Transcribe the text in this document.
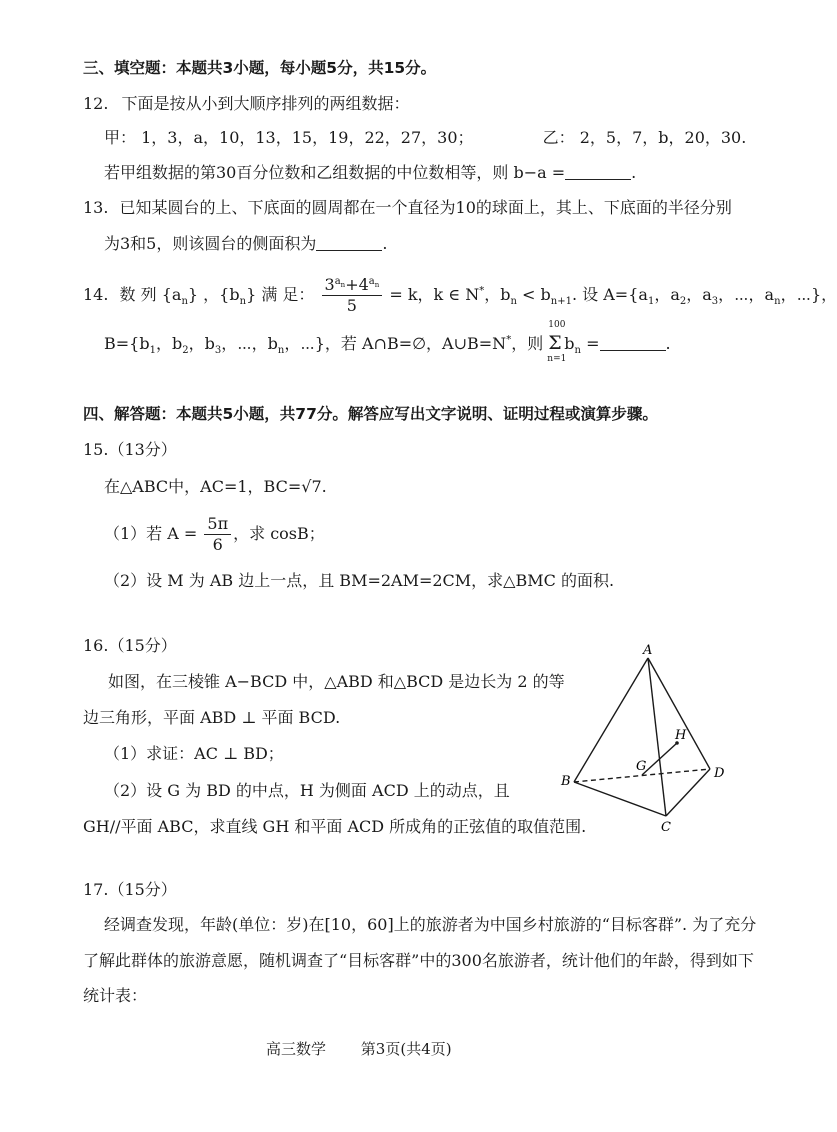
三、填空题：本题共3小题，每小题5分，共15分。
12. 下面是按从小到大顺序排列的两组数据：
甲： 1，3，a，10，13，15，19，22，27，30；	乙： 2，5，7，b，20，30.
若甲组数据的第30百分位数和乙组数据的中位数相等，则 b−a =	.
13. 已知某圆台的上、下底面的圆周都在一个直径为10的球面上，其上、下底面的半径分别
为3和5，则该圆台的侧面积为	.
14. 数 列 $\{a_n\}$ ，$\{b_n\}$ 满 足： $\frac{3^{a_n}+4^{a_n}}{5} = k$，k ∈ N*，$b_n < b_{n+1}$. 设 $A=\{a_1$，$a_2$，$a_3$，⋯，$a_n$，⋯}，
$B=\{b_1$，$b_2$，$b_3$，⋯，$b_n$，⋯}，若 A∩B=∅，A∪B=N*，则
100
Σ
n=1
$b_n$ =	.
四、解答题：本题共5小题，共77分。解答应写出文字说明、证明过程或演算步骤。
15.（13分）
在△ABC中，AC=1，BC=√7.
（1）若 $A = \frac{5\pi}{6}$ ，求 cosB；
（2）设 M 为 AB 边上一点，且 BM=2AM=2CM，求△BMC 的面积.
16.（15分）
如图，在三棱锥 A−BCD 中，△ABD 和△BCD 是边长为 2 的等
边三角形，平面 ABD ⊥ 平面 BCD.
（1）求证：AC ⊥ BD；
（2）设 G 为 BD 的中点，H 为侧面 ACD 上的动点，且
GH//平面 ABC，求直线 GH 和平面 ACD 所成角的正弦值的取值范围.
A
B
C
D
G
H
17.（15分）
经调查发现，年龄(单位：岁)在[10，60]上的旅游者为中国乡村旅游的“目标客群”. 为了充分
了解此群体的旅游意愿，随机调查了“目标客群”中的300名旅游者，统计他们的年龄，得到如下
统计表：
高三数学 第3页(共4页)
